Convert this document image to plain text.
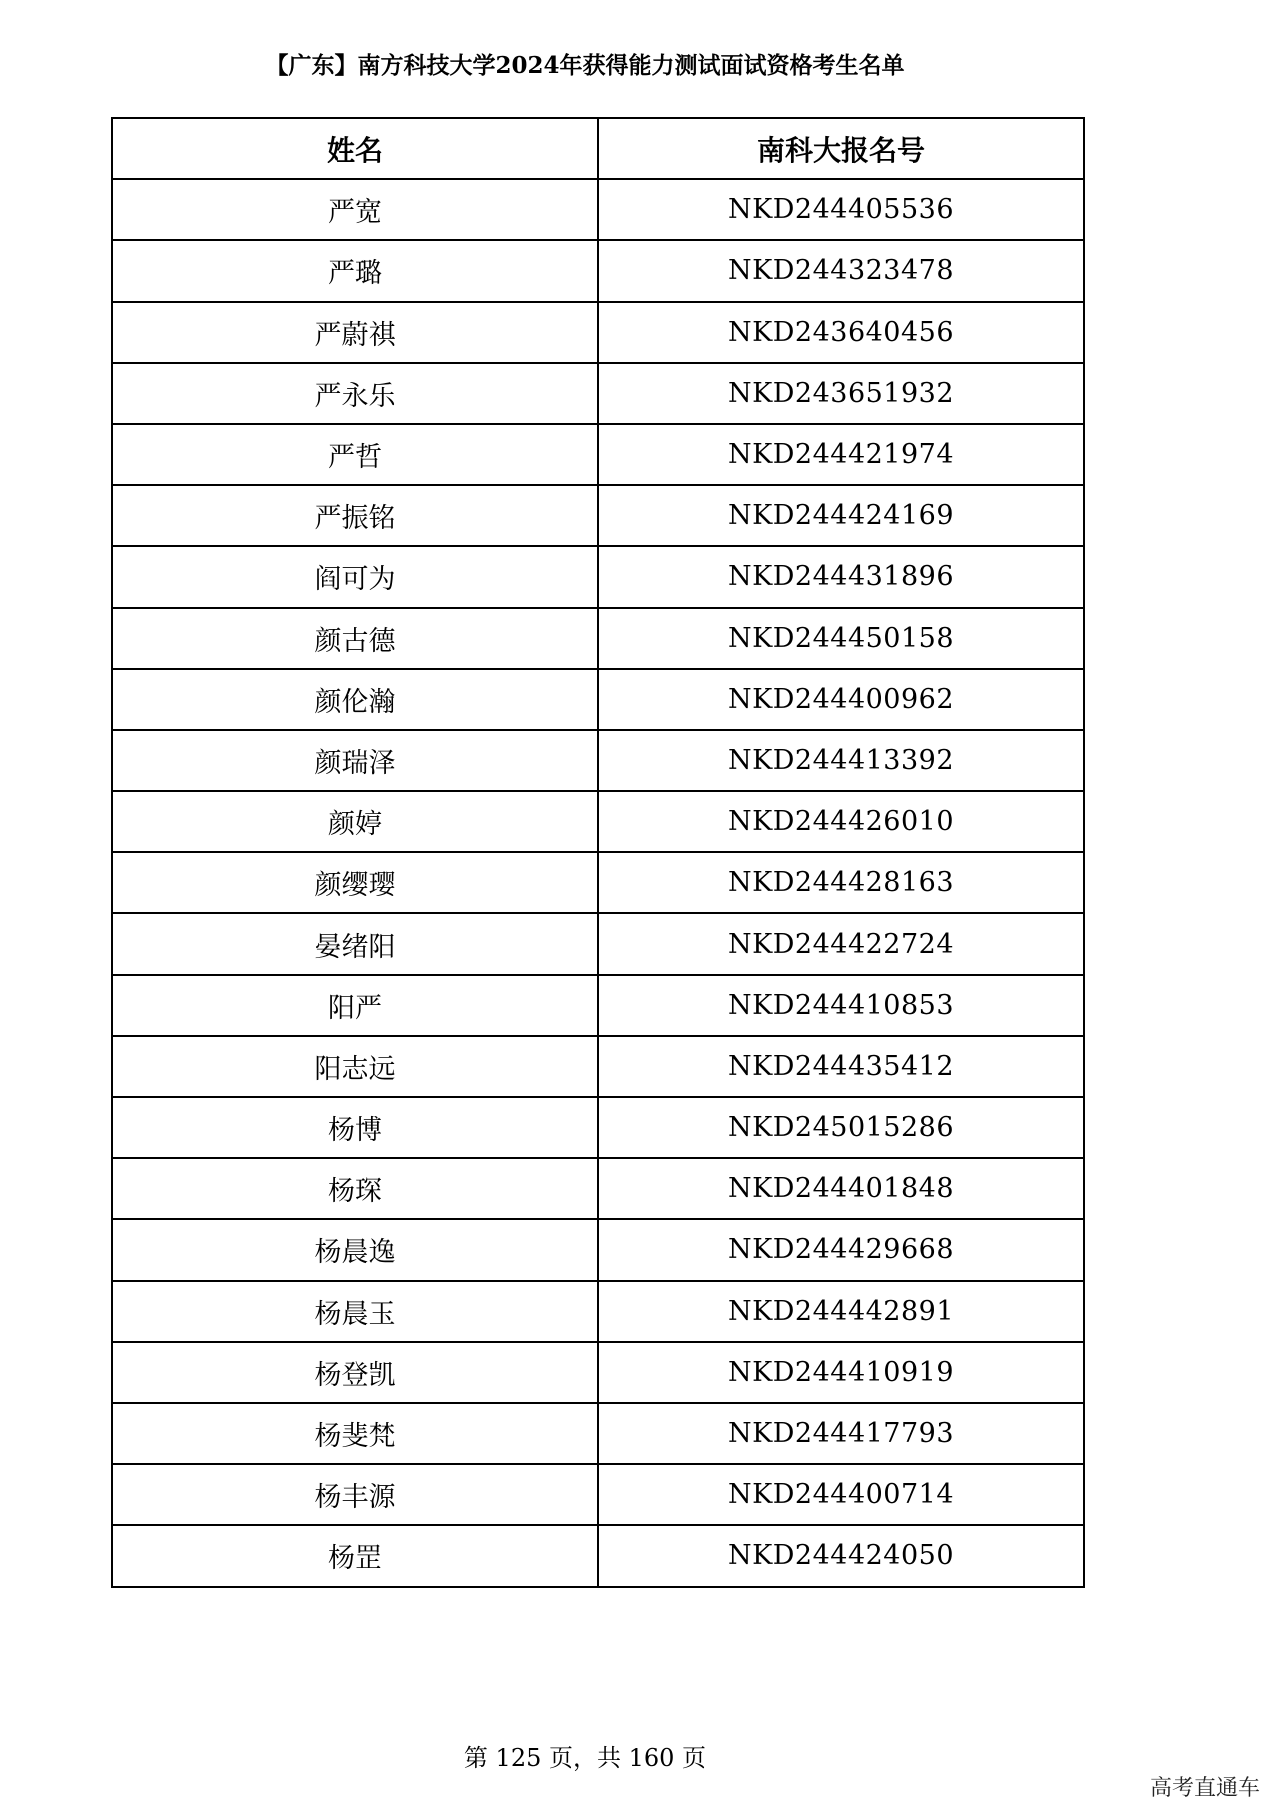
【广东】南方科技大学2024年获得能力测试面试资格考生名单
姓名	南科大报名号
严宽	NKD244405536
严璐	NKD244323478
严蔚祺	NKD243640456
严永乐	NKD243651932
严哲	NKD244421974
严振铭	NKD244424169
阎可为	NKD244431896
颜古德	NKD244450158
颜伦瀚	NKD244400962
颜瑞泽	NKD244413392
颜婷	NKD244426010
颜缨璎	NKD244428163
晏绪阳	NKD244422724
阳严	NKD244410853
阳志远	NKD244435412
杨博	NKD245015286
杨琛	NKD244401848
杨晨逸	NKD244429668
杨晨玉	NKD244442891
杨登凯	NKD244410919
杨斐梵	NKD244417793
杨丰源	NKD244400714
杨罡	NKD244424050
第 125 页，共 160 页
高考直通车
